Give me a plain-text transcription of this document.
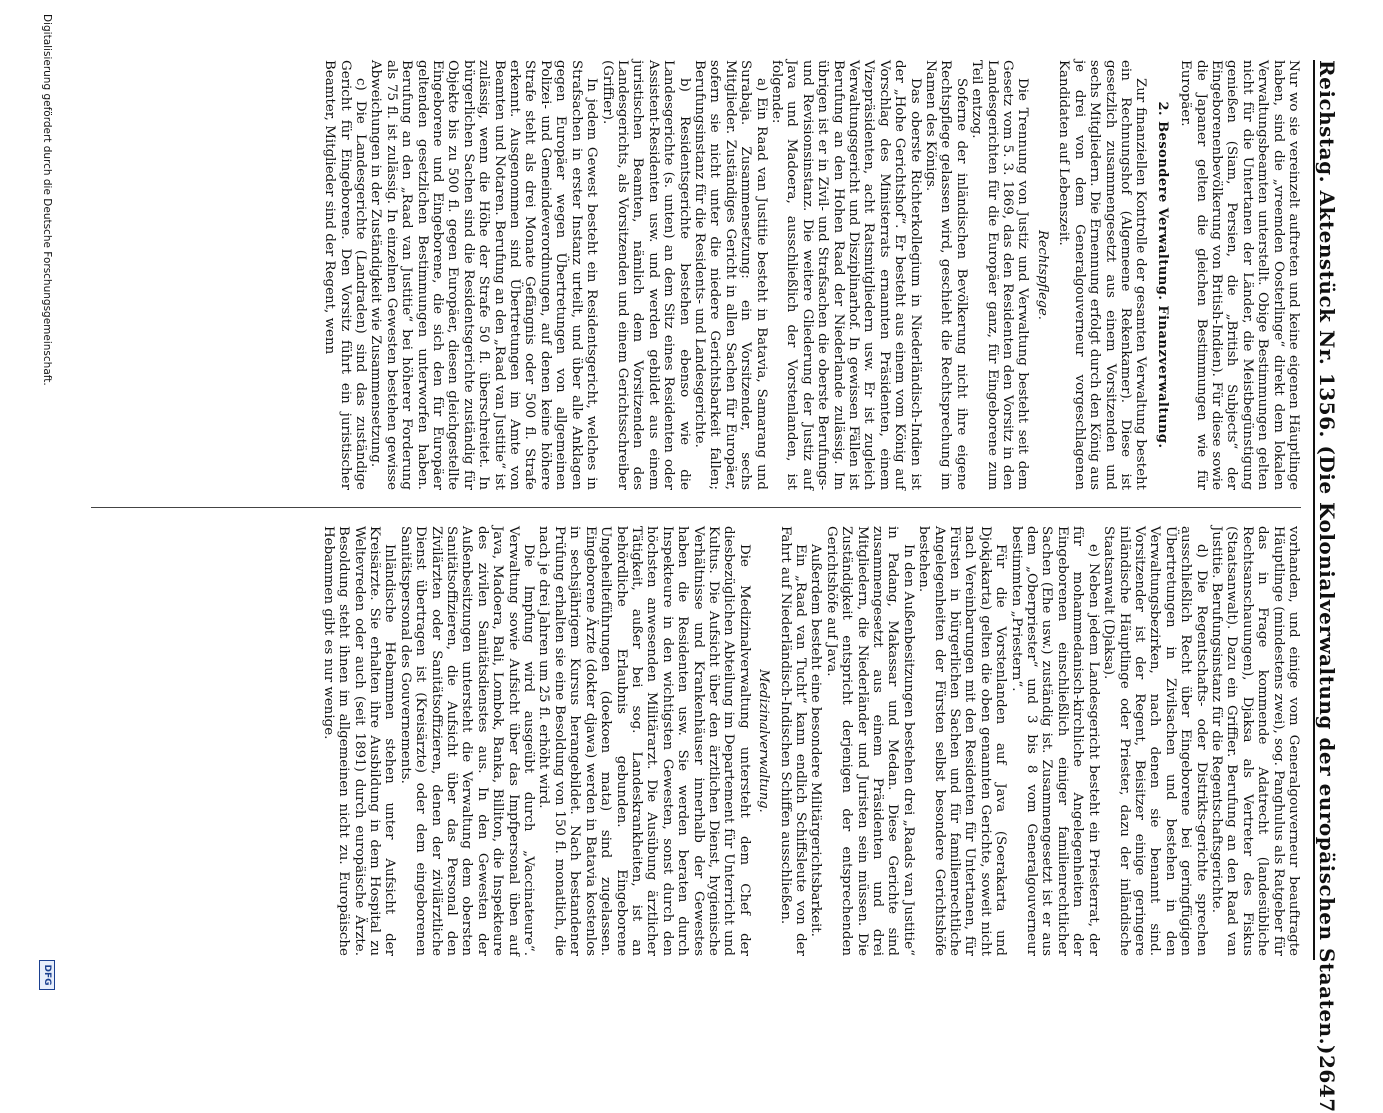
Reichstag. Aktenstück Nr. 1356. (Die Kolonialverwaltung der europäischen Staaten.)
2647

Nur wo sie vereinzelt auftreten und keine eigenen Häuptlinge haben, sind die „vreemden Oosterlinge“ direkt dem lokalen Verwaltungsbeamten unterstellt. Obige Bestimmungen gelten nicht für die Untertanen der Länder, die Meistbegünstigung genießen (Siam, Persien, die „British Subjects“ der Eingeborenenbevölkerung von British-Indien). Für diese sowie die Japaner gelten die gleichen Bestimmungen wie für Europäer.

2. Besondere Verwaltung. Finanzverwaltung.

Zur finanziellen Kontrolle der gesamten Verwaltung besteht ein Rechnungshof (Algemeene Rekenkamer). Diese ist gesetzlich zusammengesetzt aus einem Vorsitzenden und sechs Mitgliedern. Die Ernennung erfolgt durch den König aus je drei von dem Generalgouverneur vorgeschlagenen Kandidaten auf Lebenszeit.

Rechtspflege.

Die Trennung von Justiz und Verwaltung besteht seit dem Gesetz vom 5. 3. 1869, das den Residenten den Vorsitz in den Landesgerichten für die Europäer ganz, für Eingeborene zum Teil entzog.

Soferne der inländischen Bevölkerung nicht ihre eigene Rechtspflege gelassen wird, geschieht die Rechtsprechung im Namen des Königs.

Das oberste Richterkollegium in Niederländisch-Indien ist der „Hohe Gerichtshof“. Er besteht aus einem vom König auf Vorschlag des Ministerrats ernannten Präsidenten, einem Vizepräsidenten, acht Ratsmitgliedern usw. Er ist zugleich Verwaltungsgericht und Disziplinarhof. In gewissen Fällen ist Berufung an den Hohen Raad der Niederlande zulässig. Im übrigen ist er in Zivil- und Strafsachen die oberste Berufungs- und Revisionsinstanz. Die weitere Gliederung der Justiz auf Java und Madoera, ausschließlich der Vorstenlanden, ist folgende:

a) Ein Raad van Justitie besteht in Batavia, Samarang und Surabaja. Zusammensetzung: ein Vorsitzender, sechs Mitglieder. Zuständiges Gericht in allen Sachen für Europäer, sofern sie nicht unter die niedere Gerichtsbarkeit fallen; Berufungsinstanz für die Residents- und Landesgerichte.

b) Residentsgerichte bestehen ebenso wie die Landesgerichte (s. unten) an dem Sitz eines Residenten oder Assistent-Residenten usw. und werden gebildet aus einem juristischen Beamten, nämlich dem Vorsitzenden des Landesgerichts, als Vorsitzenden und einem Gerichtsschreiber (Griffier).

In jedem Gewest besteht ein Residentsgericht, welches in Strafsachen in erster Instanz urteilt, und über alle Anklagen gegen Europäer wegen Übertretungen von allgemeinen Polizei- und Gemeindeverordnungen, auf denen keine höhere Strafe steht als drei Monate Gefängnis oder 500 fl. Strafe erkennt. Ausgenommen sind Übertretungen im Amte von Beamten und Notaren. Berufung an den „Raad van Justitie“ ist zulässig, wenn die Höhe der Strafe 50 fl. überschreitet. In bürgerlichen Sachen sind die Residentsgerichte zuständig für Objekte bis zu 500 fl. gegen Europäer, diesen gleichgestellte Eingeborene und Eingeborene, die sich den für Europäer geltenden gesetzlichen Bestimmungen unterworfen haben. Berufung an den „Raad van Justitie“ bei höherer Forderung als 75 fl. ist zulässig. In einzelnen Gewesten bestehen gewisse Abweichungen in der Zuständigkeit wie Zusammensetzung.

c) Die Landesgerichte (Landraden) sind das zuständige Gericht für Eingeborene. Den Vorsitz führt ein juristischer Beamter, Mitglieder sind der Regent, wenn

vorhanden, und einige vom Generalgouverneur beauftragte Häuptlinge (mindestens zwei), sog. Panghulus als Ratgeber für das in Frage kommende Adatrecht (landesübliche Rechtsanschauungen), Djaksa als Vertreter des Fiskus (Staatsanwalt). Dazu ein Griffier. Berufung an den Raad van Justitie. Berufungsinstanz für die Regentschaftsgerichte.

d) Die Regentschafts- oder Distrikts-gerichte sprechen ausschließlich Recht über Eingeborene bei geringfügigen Übertretungen in Zivilsachen und bestehen in den Verwaltungsbezirken, nach denen sie benannt sind. Vorsitzender ist der Regent, Beisitzer einige geringere inländische Häuptlinge oder Priester, dazu der inländische Staatsanwalt (Djaksa).

e) Neben jedem Landesgericht besteht ein Priesterrat, der für mohammedanisch-kirchliche Angelegenheiten der Eingeborenen einschließlich einiger familienrechtlicher Sachen (Ehe usw.) zuständig ist. Zusammengesetzt ist er aus dem „Oberpriester“ und 3 bis 8 vom Generalgouverneur bestimmten „Priestern“.

Für die Vorstenlanden auf Java (Soerakarta und Djokjakarta) gelten die oben genannten Gerichte, soweit nicht nach Vereinbarungen mit den Residenten für Untertanen, für Fürsten in bürgerlichen Sachen und für familienrechtliche Angelegenheiten der Fürsten selbst besondere Gerichtshöfe bestehen.

In den Außenbesitzungen bestehen drei „Raads van Justitie“ in Padang, Makassar und Medan. Diese Gerichte sind zusammengesetzt aus einem Präsidenten und drei Mitgliedern, die Niederländer und Juristen sein müssen. Die Zuständigkeit entspricht derjenigen der entsprechenden Gerichtshöfe auf Java.

Außerdem besteht eine besondere Militärgerichtsbarkeit.

Ein „Raad van Tucht“ kann endlich Schiffsleute von der Fahrt auf Niederländisch-Indischen Schiffen ausschließen.

Medizinalverwaltung.

Die Medizinalverwaltung untersteht dem Chef der diesbezüglichen Abteilung im Departement für Unterricht und Kultus. Die Aufsicht über den ärztlichen Dienst, hygienische Verhältnisse und Krankenhäuser innerhalb der Gewestes haben die Residenten usw. Sie werden beraten durch Inspekteure in den wichtigsten Gewesten, sonst durch den höchsten anwesenden Militärarzt. Die Ausübung ärztlicher Tätigkeit, außer bei sog. Landeskrankheiten, ist an behördliche Erlaubnis gebunden. Eingeborene Ungeheilteführungen (doekoen mata) sind zugelassen. Eingeborene Ärzte (dokter djawa) werden in Batavia kostenlos in sechsjährigem Kursus herangebildet. Nach bestandener Prüfung erhalten sie eine Besoldung von 150 fl. monatlich, die nach je drei Jahren um 25 fl. erhöht wird.

Die Impfung wird ausgeübt durch „Vaccinateure“. Verwaltung sowie Aufsicht über das Impfpersonal üben auf Java, Madoera, Bali, Lombok, Banka, Billiton, die Inspekteure des zivilen Sanitätsdienstes aus. In den Gewesten der Außenbesitzungen untersteht die Verwaltung dem obersten Sanitätsoffizieren, die Aufsicht über das Personal den Zivilärzten oder Sanitätsoffizieren, denen der zivilärztliche Dienst übertragen ist (Kreisärzte) oder dem eingeborenen Sanitätspersonal des Gouvernements.

Inländische Hebammen stehen unter Aufsicht der Kreisärzte. Sie erhalten ihre Ausbildung in dem Hospital zu Weltevreden oder auch (seit 1891) durch europäische Ärzte. Besoldung steht ihnen im allgemeinen nicht zu. Europäische Hebammen gibt es nur wenige.

Digitalisierung gefördert durch die Deutsche Forschungsgemeinschaft.
DFG
